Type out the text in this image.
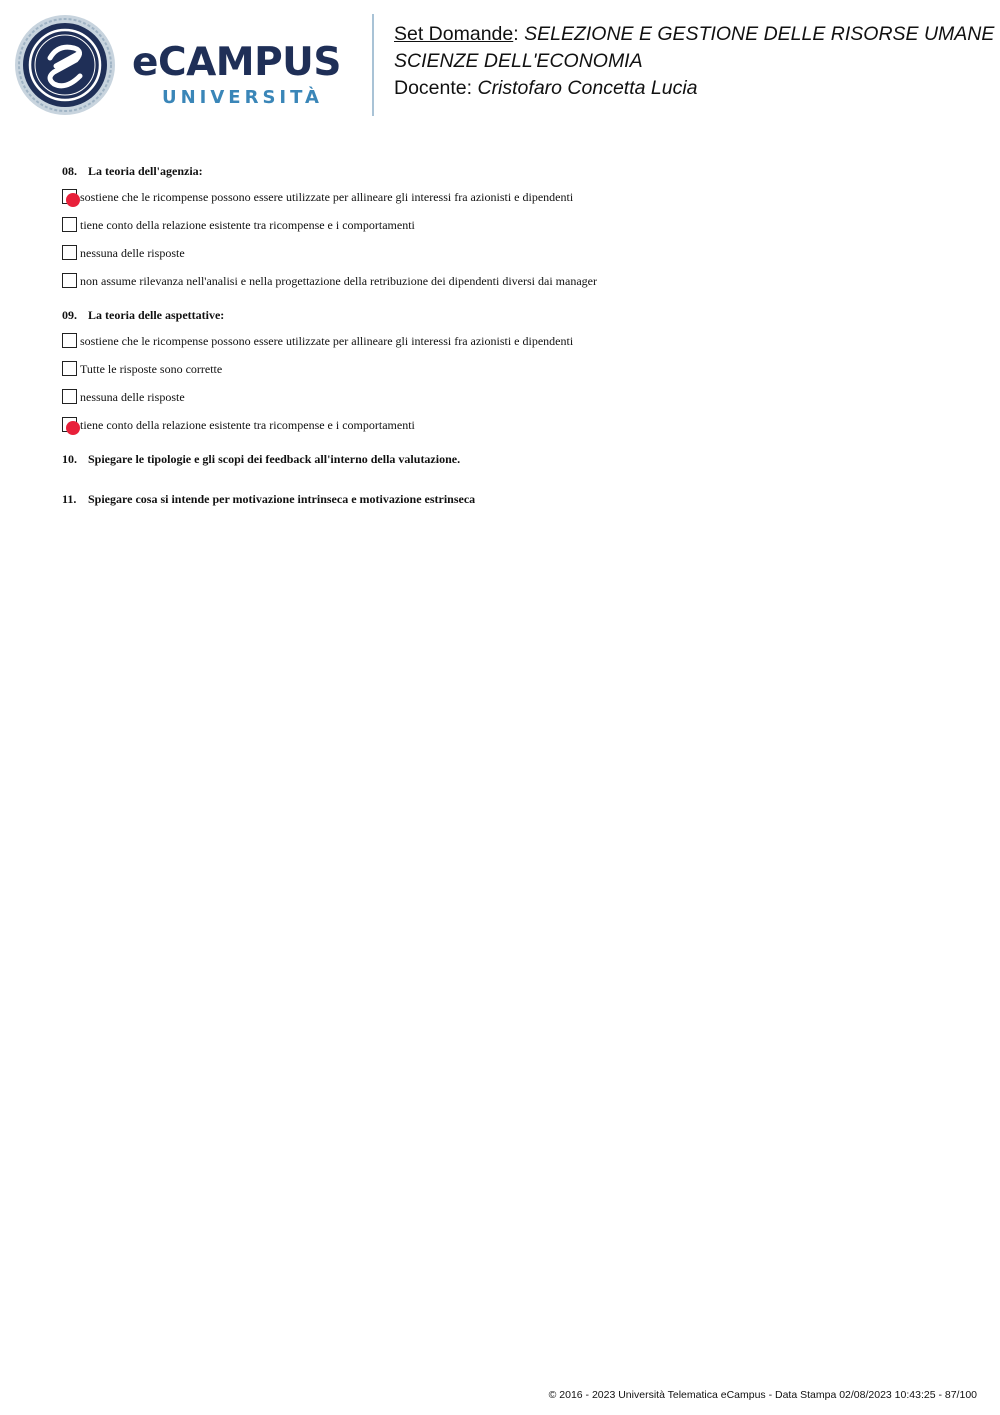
eCAMPUS
UNIVERSITÀ
Set Domande: SELEZIONE E GESTIONE DELLE RISORSE UMANE
SCIENZE DELL'ECONOMIA
Docente: Cristofaro Concetta Lucia

08. La teoria dell'agenzia:

sostiene che le ricompense possono essere utilizzate per allineare gli interessi fra azionisti e dipendenti
tiene conto della relazione esistente tra ricompense e i comportamenti
nessuna delle risposte
non assume rilevanza nell'analisi e nella progettazione della retribuzione dei dipendenti diversi dai manager

09. La teoria delle aspettative:

sostiene che le ricompense possono essere utilizzate per allineare gli interessi fra azionisti e dipendenti
Tutte le risposte sono corrette
nessuna delle risposte
tiene conto della relazione esistente tra ricompense e i comportamenti

10. Spiegare le tipologie e gli scopi dei feedback all'interno della valutazione.

11. Spiegare cosa si intende per motivazione intrinseca e motivazione estrinseca

© 2016 - 2023 Università Telematica eCampus - Data Stampa 02/08/2023 10:43:25 - 87/100
